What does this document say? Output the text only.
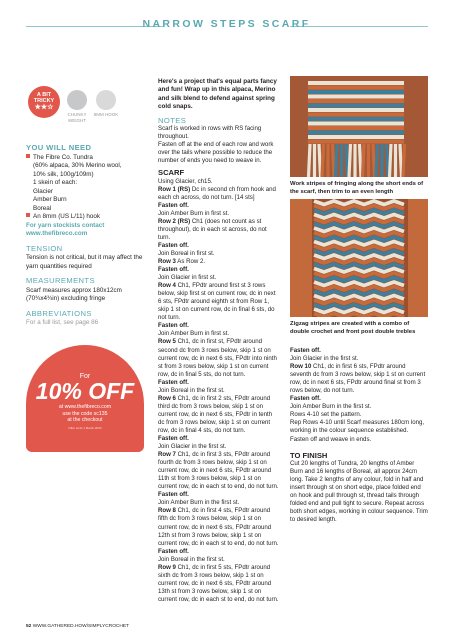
NARROW STEPS SCARF
A BIT
TRICKY
★★☆
CHUNKY WEIGHT
8MM HOOK
YOU WILL NEED
The Fibre Co. Tundra
(60% alpaca, 30% Merino wool,
10% silk, 100g/109m)
1 skein of each:
Glacier
Amber Burn
Boreal
An 8mm (US L/11) hook
For yarn stockists contact
www.thefibreco.com
TENSION
Tension is not critical, but it may affect the yarn quantities required
MEASUREMENTS
Scarf measures approx 180x12cm (70¾x4¾in) excluding fringe
ABBREVIATIONS
For a full list, see page 86
For
10% OFF
at www.thefibreco.com
use the code sc135
at the checkout
Offer ends 1 March 2024

Here's a project that's equal parts fancy and fun! Wrap up in this alpaca, Merino and silk blend to defend against spring cold snaps.

NOTES

Scarf is worked in rows with RS facing throughout.

Fasten off at the end of each row and work over the tails where possible to reduce the number of ends you need to weave in.

SCARF

Using Glacier, ch15.

Row 1 (RS) Dc in second ch from hook and each ch across, do not turn. [14 sts]

Fasten off.

Join Amber Burn in first st.

Row 2 (RS) Ch1 (does not count as st throughout), dc in each st across, do not turn.

Fasten off.

Join Boreal in first st.

Row 3 As Row 2.

Fasten off.

Join Glacier in first st.

Row 4 Ch1, FPdtr around first st 3 rows below, skip first st on current row, dc in next 6 sts, FPdtr around eighth st from Row 1, skip 1 st on current row, dc in final 6 sts, do not turn.

Fasten off.

Join Amber Burn in first st.

Row 5 Ch1, dc in first st, FPdtr around second dc from 3 rows below, skip 1 st on current row, dc in next 6 sts, FPdtr into ninth st from 3 rows below, skip 1 st on current row, dc in final 5 sts, do not turn.

Fasten off.

Join Boreal in the first st.

Row 6 Ch1, dc in first 2 sts, FPdtr around third dc from 3 rows below, skip 1 st on current row, dc in next 6 sts, FPdtr in tenth dc from 3 rows below, skip 1 st on current row, dc in final 4 sts, do not turn.

Fasten off.

Join Glacier in the first st.

Row 7 Ch1, dc in first 3 sts, FPdtr around fourth dc from 3 rows below, skip 1 st on current row, dc in next 6 sts, FPdtr around 11th st from 3 rows below, skip 1 st on current row, dc in each st to end, do not turn.

Fasten off.

Join Amber Burn in the first st.

Row 8 Ch1, dc in first 4 sts, FPdtr around fifth dc from 3 rows below, skip 1 st on current row, dc in next 6 sts, FPdtr around 12th st from 3 rows below, skip 1 st on current row, dc in each st to end, do not turn.

Fasten off.

Join Boreal in the first st.

Row 9 Ch1, dc in first 5 sts, FPdtr around sixth dc from 3 rows below, skip 1 st on current row, dc in next 6 sts, FPdtr around 13th st from 3 rows below, skip 1 st on current row, dc in each st to end, do not turn.

Work stripes of fringing along the short ends of the scarf, then trim to an even length
Zigzag stripes are created with a combo of double crochet and front post double trebles

Fasten off.

Join Glacier in the first st.

Row 10 Ch1, dc in first 6 sts, FPdtr around seventh dc from 3 rows below, skip 1 st on current row, dc in next 6 sts, FPdtr around final st from 3 rows below, do not turn.

Fasten off.

Join Amber Burn in the first st.

Rows 4-10 set the pattern.

Rep Rows 4-10 until Scarf measures 180cm long, working in the colour sequence established.

Fasten off and weave in ends.

TO FINISH

Cut 20 lengths of Tundra, 20 lengths of Amber Burn and 16 lengths of Boreal, all approx 24cm long. Take 2 lengths of any colour, fold in half and insert through st on short edge, place folded end on hook and pull through st, thread tails through folded end and pull tight to secure. Repeat across both short edges, working in colour sequence. Trim to desired length.

52 WWW.GATHERED.HOW/SIMPLYCROCHET
